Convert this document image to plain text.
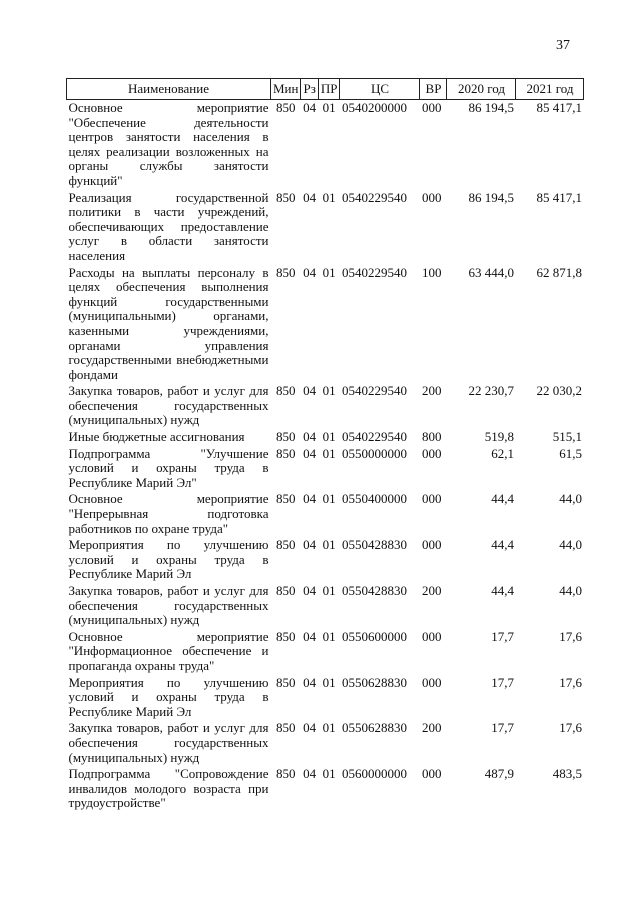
37
Наименование	Мин	Рз	ПР	ЦС	ВР	2020 год	2021 год
Основное мероприятие "Обеспечение деятельности центров занятости населения в целях реализации возложенных на органы службы занятости функций"	850	04	01	0540200000	000	86 194,5	85 417,1
Реализация государственной политики в части учреждений, обеспечивающих предоставление услуг в области занятости населения	850	04	01	0540229540	000	86 194,5	85 417,1
Расходы на выплаты персоналу в целях обеспечения выполнения функций государственными (муниципальными) органами, казенными учреждениями, органами управления государственными внебюджетными фондами	850	04	01	0540229540	100	63 444,0	62 871,8
Закупка товаров, работ и услуг для обеспечения государственных (муниципальных) нужд	850	04	01	0540229540	200	22 230,7	22 030,2
Иные бюджетные ассигнования	850	04	01	0540229540	800	519,8	515,1
Подпрограмма "Улучшение условий и охраны труда в Республике Марий Эл"	850	04	01	0550000000	000	62,1	61,5
Основное мероприятие "Непрерывная подготовка работников по охране труда"	850	04	01	0550400000	000	44,4	44,0
Мероприятия по улучшению условий и охраны труда в Республике Марий Эл	850	04	01	0550428830	000	44,4	44,0
Закупка товаров, работ и услуг для обеспечения государственных (муниципальных) нужд	850	04	01	0550428830	200	44,4	44,0
Основное мероприятие "Информационное обеспечение и пропаганда охраны труда"	850	04	01	0550600000	000	17,7	17,6
Мероприятия по улучшению условий и охраны труда в Республике Марий Эл	850	04	01	0550628830	000	17,7	17,6
Закупка товаров, работ и услуг для обеспечения государственных (муниципальных) нужд	850	04	01	0550628830	200	17,7	17,6
Подпрограмма "Сопровождение инвалидов молодого возраста при трудоустройстве"	850	04	01	0560000000	000	487,9	483,5
